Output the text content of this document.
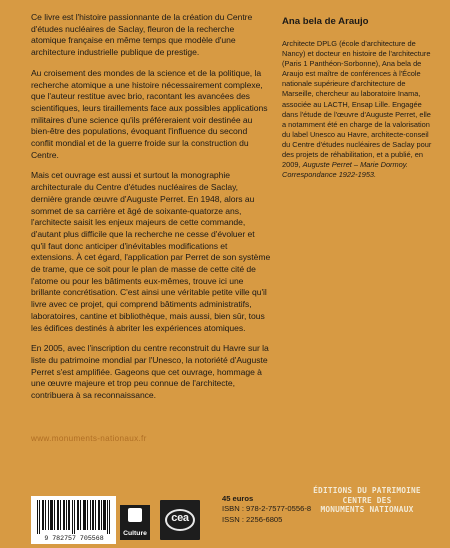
Ce livre est l'histoire passionnante de la création du Centre d'études nucléaires de Saclay, fleuron de la recherche atomique française en même temps que modèle d'une architecture industrielle publique de prestige.

Au croisement des mondes de la science et de la politique, la recherche atomique a une histoire nécessairement complexe, que l'auteur restitue avec brio, racontant les avancées des scientifiques, leurs tiraillements face aux possibles applications militaires d'une science qu'ils préféreraient voir destinée au bien-être des populations, évoquant l'influence du second conflit mondial et de la guerre froide sur la construction du Centre.

Mais cet ouvrage est aussi et surtout la monographie architecturale du Centre d'études nucléaires de Saclay, dernière grande œuvre d'Auguste Perret. En 1948, alors au sommet de sa carrière et âgé de soixante-quatorze ans, l'architecte saisit les enjeux majeurs de cette commande, d'autant plus difficile que la recherche ne cesse d'évoluer et qu'il faut donc anticiper d'inévitables modifications et extensions. À cet égard, l'application par Perret de son système de trame, que ce soit pour le plan de masse de cette cité de l'atome ou pour les bâtiments eux-mêmes, trouve ici une brillante concrétisation. C'est ainsi une véritable petite ville qu'il livre avec ce projet, qui comprend bâtiments administratifs, laboratoires, cantine et bibliothèque, mais aussi, bien sûr, tous les édifices destinés à abriter les expériences atomiques.

En 2005, avec l'inscription du centre reconstruit du Havre sur la liste du patrimoine mondial par l'Unesco, la notoriété d'Auguste Perret s'est amplifiée. Gageons que cet ouvrage, hommage à une œuvre majeure et trop peu connue de l'architecte, contribuera à sa reconnaissance.

Ana bela de Araujo

Architecte DPLG (école d'architecture de Nancy) et docteur en histoire de l'architecture (Paris 1 Panthéon-Sorbonne), Ana bela de Araujo est maître de conférences à l'École nationale supérieure d'architecture de Marseille, chercheur au laboratoire Inama, associée au LACTH, Ensap Lille. Engagée dans l'étude de l'œuvre d'Auguste Perret, elle a notamment été en charge de la valorisation du label Unesco au Havre, architecte-conseil du Centre d'études nucléaires de Saclay pour des projets de réhabilitation, et a publié, en 2009, Auguste Perret – Marie Dormoy. Correspondance 1922-1953.

www.monuments-nationaux.fr
9 782757 705568
Culture
cea
45 euros
ISBN : 978-2-7577-0556-8
ISSN : 2256-6805
ÉDITIONS DU PATRIMOINE
CENTRE DES
MONUMENTS NATIONAUX
